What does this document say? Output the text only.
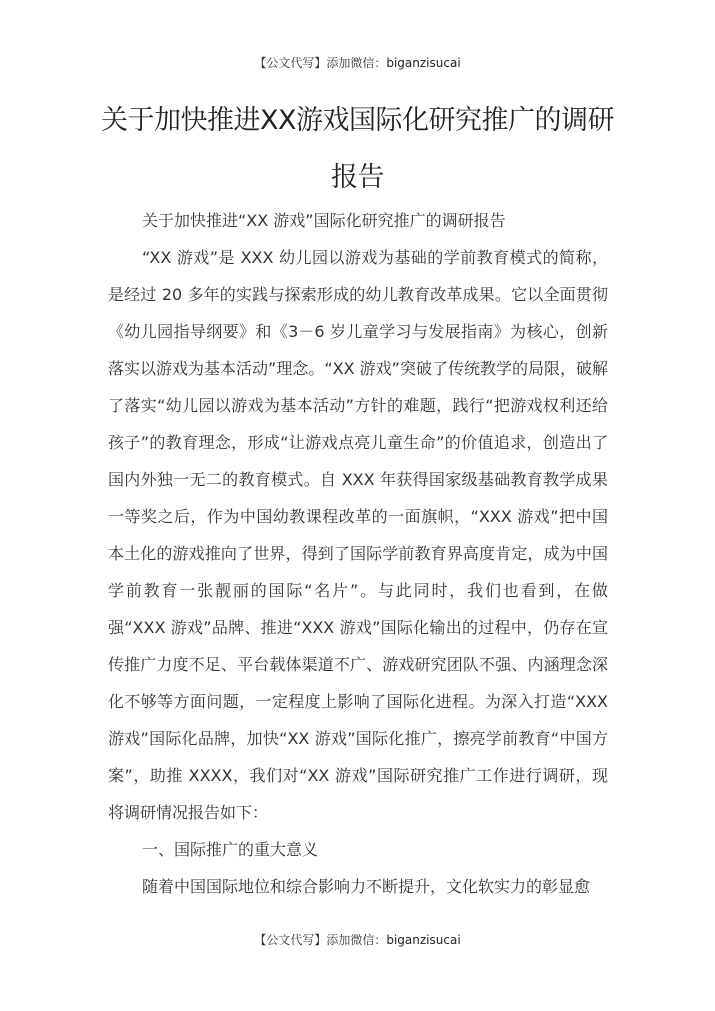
【公文代写】添加微信：biganzisucai
关于加快推进XX游戏国际化研究推广的调研报告

关于加快推进“XX 游戏”国际化研究推广的调研报告

“XX 游戏”是 XXX 幼儿园以游戏为基础的学前教育模式的简称，是经过 20 多年的实践与探索形成的幼儿教育改革成果。它以全面贯彻《幼儿园指导纲要》和《3－6 岁儿童学习与发展指南》为核心，创新落实以游戏为基本活动”理念。“XX 游戏”突破了传统教学的局限，破解了落实“幼儿园以游戏为基本活动”方针的难题，践行“把游戏权利还给孩子”的教育理念，形成“让游戏点亮儿童生命”的价值追求，创造出了国内外独一无二的教育模式。自 XXX 年获得国家级基础教育教学成果一等奖之后，作为中国幼教课程改革的一面旗帜，“XXX 游戏”把中国本土化的游戏推向了世界，得到了国际学前教育界高度肯定，成为中国学前教育一张靓丽的国际“名片”。与此同时，我们也看到，在做强“XXX 游戏”品牌、推进“XXX 游戏”国际化输出的过程中，仍存在宣传推广力度不足、平台载体渠道不广、游戏研究团队不强、内涵理念深化不够等方面问题，一定程度上影响了国际化进程。为深入打造“XXX 游戏”国际化品牌，加快“XX 游戏”国际化推广，擦亮学前教育“中国方案”，助推 XXXX，我们对“XX 游戏”国际研究推广工作进行调研，现将调研情况报告如下：

一、国际推广的重大意义

随着中国国际地位和综合影响力不断提升，文化软实力的彰显愈

【公文代写】添加微信：biganzisucai
